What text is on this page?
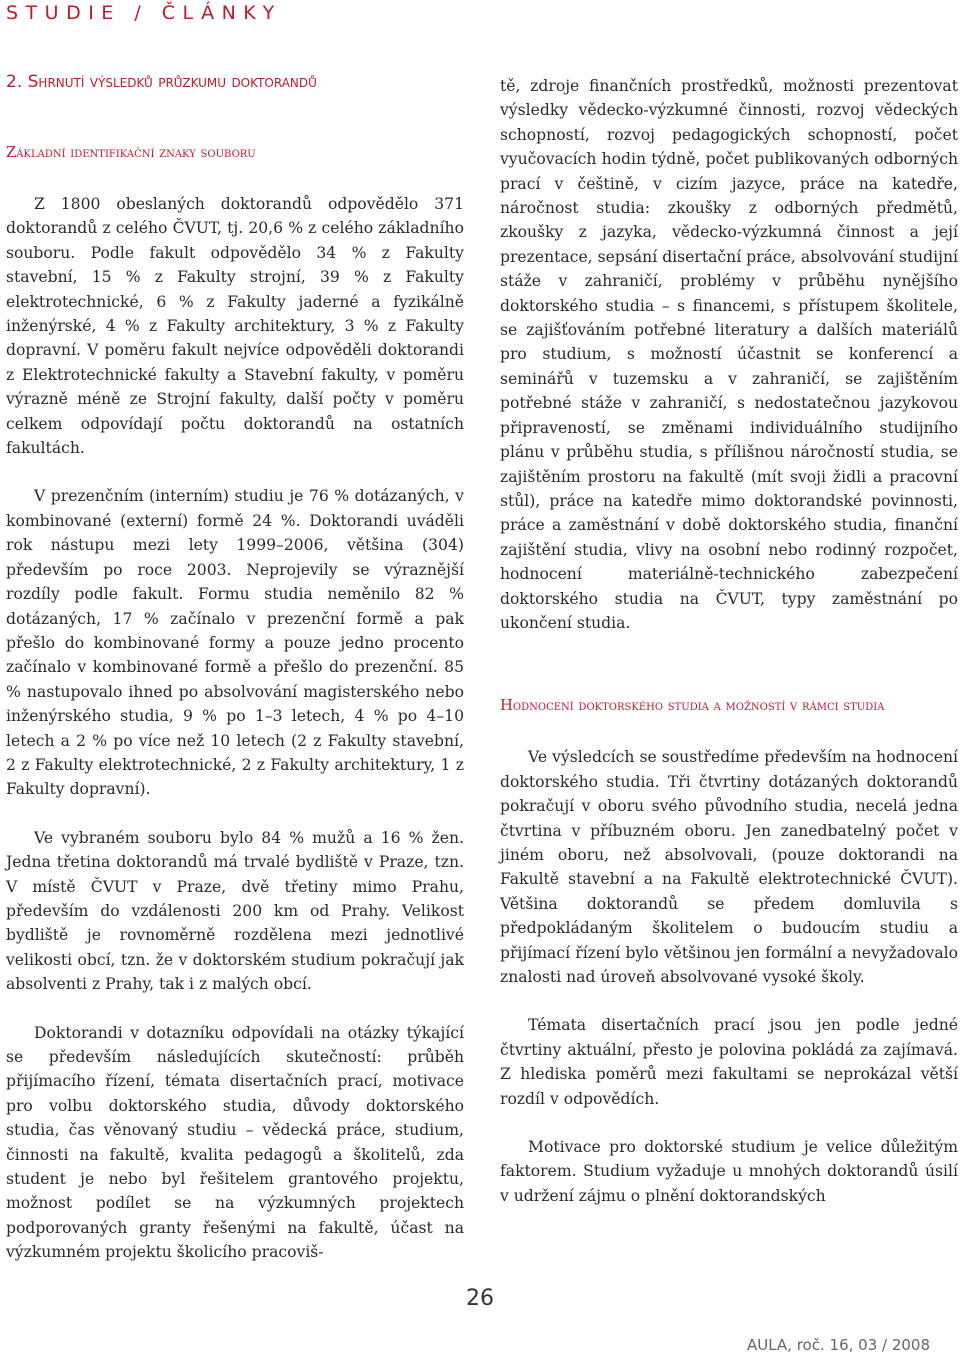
STUDIE / ČLÁNKY
2. Shrnutí výsledků průzkumu doktorandů
Základní identifikační znaky souboru

Z 1800 obeslaných doktorandů odpovědělo 371 doktorandů z celého ČVUT, tj. 20,6 % z celého základního souboru. Podle fakult odpovědělo 34 % z Fakulty stavební, 15 % z Fakulty strojní, 39 % z Fakulty elektrotechnické, 6 % z Fakulty jaderné a fyzikálně inženýrské, 4 % z Fakulty architektury, 3 % z Fakulty dopravní. V poměru fakult nejvíce odpověděli doktorandi z Elektrotechnické fakulty a Stavební fakulty, v poměru výrazně méně ze Strojní fakulty, další počty v poměru celkem odpovídají počtu doktorandů na ostatních fakultách.

V prezenčním (interním) studiu je 76 % dotázaných, v kombinované (externí) formě 24 %. Doktorandi uváděli rok nástupu mezi lety 1999–2006, většina (304) především po roce 2003. Neprojevily se výraznější rozdíly podle fakult. Formu studia neměnilo 82 % dotázaných, 17 % začínalo v prezenční formě a pak přešlo do kombinované formy a pouze jedno procento začínalo v kombinované formě a přešlo do prezenční. 85 % nastupovalo ihned po absolvování magisterského nebo inženýrského studia, 9 % po 1–3 letech, 4 % po 4–10 letech a 2 % po více než 10 letech (2 z Fakulty stavební, 2 z Fakulty elektrotechnické, 2 z Fakulty architektury, 1 z Fakulty dopravní).

Ve vybraném souboru bylo 84 % mužů a 16 % žen. Jedna třetina doktorandů má trvalé bydliště v Praze, tzn. V místě ČVUT v Praze, dvě třetiny mimo Prahu, především do vzdálenosti 200 km od Prahy. Velikost bydliště je rovnoměrně rozdělena mezi jednotlivé velikosti obcí, tzn. že v doktorském studium pokračují jak absolventi z Prahy, tak i z malých obcí.

Doktorandi v dotazníku odpovídali na otázky týkající se především následujících skutečností: průběh přijímacího řízení, témata disertačních prací, motivace pro volbu doktorského studia, důvody doktorského studia, čas věnovaný studiu – vědecká práce, studium, činnosti na fakultě, kvalita pedagogů a školitelů, zda student je nebo byl řešitelem grantového projektu, možnost podílet se na výzkumných projektech podporovaných granty řešenými na fakultě, účast na výzkumném projektu školicího pracoviš-

tě, zdroje finančních prostředků, možnosti prezentovat výsledky vědecko-výzkumné činnosti, rozvoj vědeckých schopností, rozvoj pedagogických schopností, počet vyučovacích hodin týdně, počet publikovaných odborných prací v češtině, v cizím jazyce, práce na katedře, náročnost studia: zkoušky z odborných předmětů, zkoušky z jazyka, vědecko-výzkumná činnost a její prezentace, sepsání disertační práce, absolvování studijní stáže v zahraničí, problémy v průběhu nynějšího doktorského studia – s financemi, s přístupem školitele, se zajišťováním potřebné literatury a dalších materiálů pro studium, s možností účastnit se konferencí a seminářů v tuzemsku a v zahraničí, se zajištěním potřebné stáže v zahraničí, s nedostatečnou jazykovou připraveností, se změnami individuálního studijního plánu v průběhu studia, s přílišnou náročností studia, se zajištěním prostoru na fakultě (mít svoji židli a pracovní stůl), práce na katedře mimo doktorandské povinnosti, práce a zaměstnání v době doktorského studia, finanční zajištění studia, vlivy na osobní nebo rodinný rozpočet, hodnocení materiálně-technického zabezpečení doktorského studia na ČVUT, typy zaměstnání po ukončení studia.

Hodnocení doktorského studia a možností v rámci studia

Ve výsledcích se soustředíme především na hodnocení doktorského studia. Tři čtvrtiny dotázaných doktorandů pokračují v oboru svého původního studia, necelá jedna čtvrtina v příbuzném oboru. Jen zanedbatelný počet v jiném oboru, než absolvovali, (pouze doktorandi na Fakultě stavební a na Fakultě elektrotechnické ČVUT). Většina doktorandů se předem domluvila s předpokládaným školitelem o budoucím studiu a přijímací řízení bylo většinou jen formální a nevyžadovalo znalosti nad úroveň absolvované vysoké školy.

Témata disertačních prací jsou jen podle jedné čtvrtiny aktuální, přesto je polovina pokládá za zajímavá. Z hlediska poměrů mezi fakultami se neprokázal větší rozdíl v odpovědích.

Motivace pro doktorské studium je velice důležitým faktorem. Studium vyžaduje u mnohých doktorandů úsilí v udržení zájmu o plnění doktorandských

26
AULA, roč. 16, 03 / 2008
